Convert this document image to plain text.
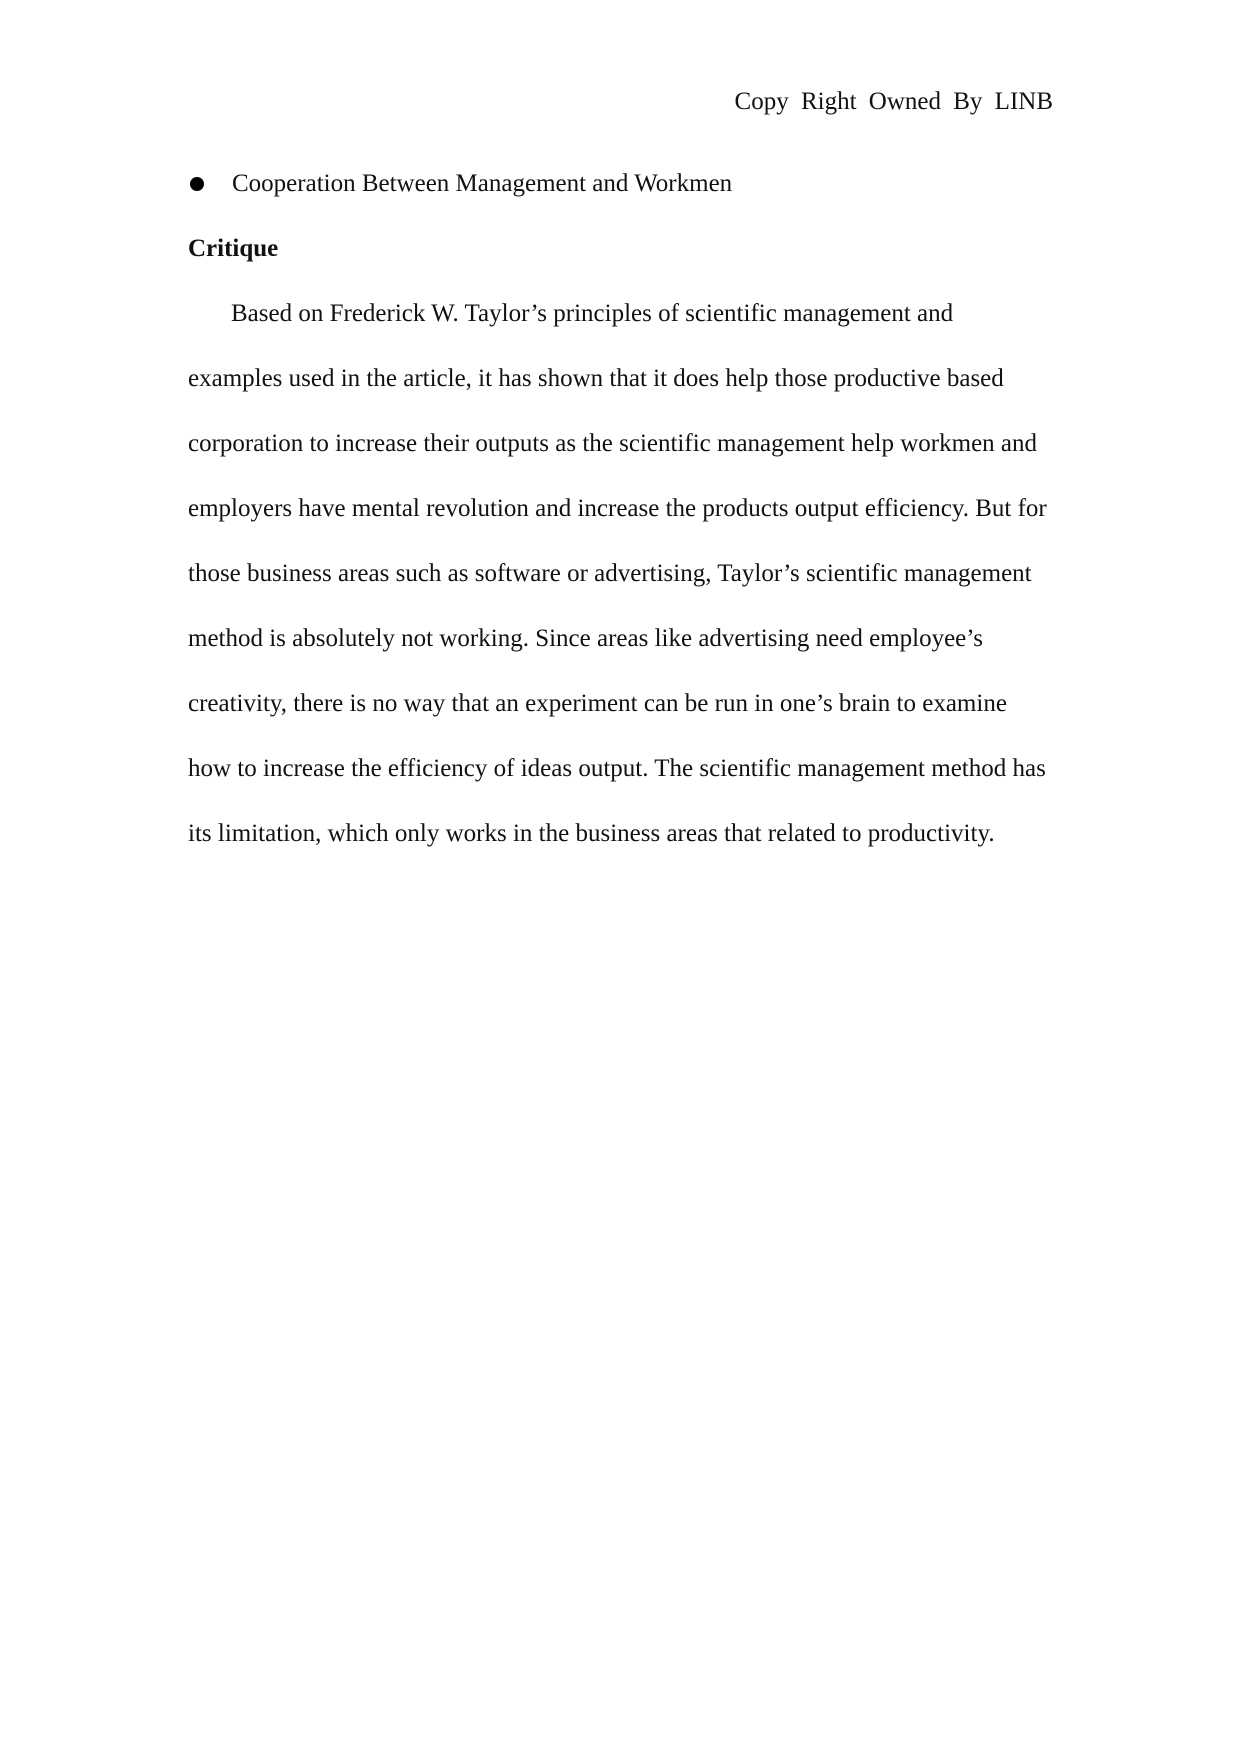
Copy Right Owned By LINB
Cooperation Between Management and Workmen
Critique
Based on Frederick W. Taylor’s principles of scientific management and
examples used in the article, it has shown that it does help those productive based
corporation to increase their outputs as the scientific management help workmen and
employers have mental revolution and increase the products output efficiency. But for
those business areas such as software or advertising, Taylor’s scientific management
method is absolutely not working. Since areas like advertising need employee’s
creativity, there is no way that an experiment can be run in one’s brain to examine
how to increase the efficiency of ideas output. The scientific management method has
its limitation, which only works in the business areas that related to productivity.
